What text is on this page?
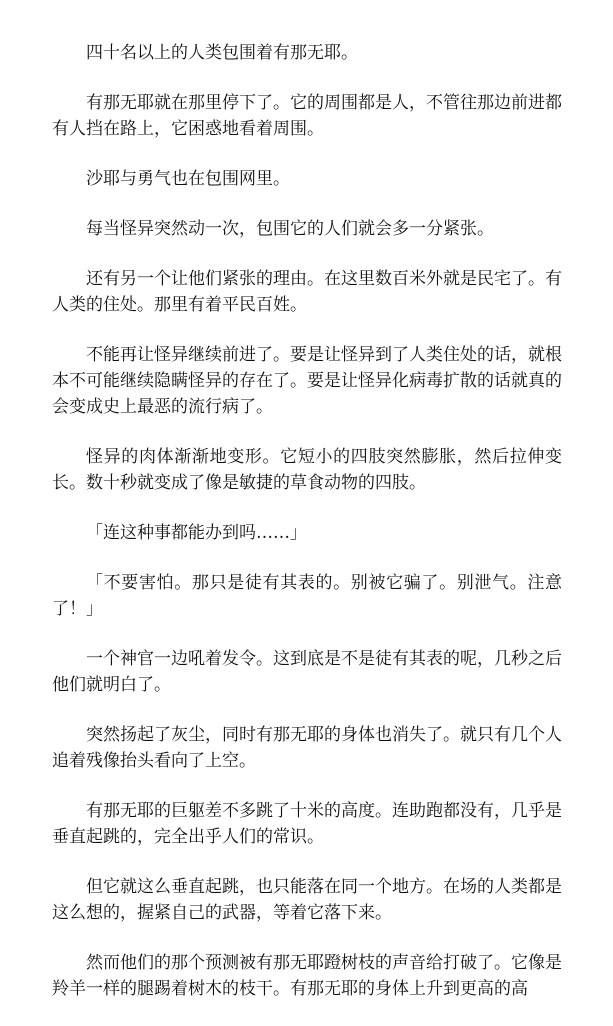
四十名以上的人类包围着有那无耶。

有那无耶就在那里停下了。它的周围都是人，不管往那边前进都有人挡在路上，它困惑地看着周围。

沙耶与勇气也在包围网里。

每当怪异突然动一次，包围它的人们就会多一分紧张。

还有另一个让他们紧张的理由。在这里数百米外就是民宅了。有人类的住处。那里有着平民百姓。

不能再让怪异继续前进了。要是让怪异到了人类住处的话，就根本不可能继续隐瞒怪异的存在了。要是让怪异化病毒扩散的话就真的会变成史上最恶的流行病了。

怪异的肉体渐渐地变形。它短小的四肢突然膨胀，然后拉伸变长。数十秒就变成了像是敏捷的草食动物的四肢。

「连这种事都能办到吗……」

「不要害怕。那只是徒有其表的。别被它骗了。别泄气。注意了！」

一个神官一边吼着发令。这到底是不是徒有其表的呢，几秒之后他们就明白了。

突然扬起了灰尘，同时有那无耶的身体也消失了。就只有几个人追着残像抬头看向了上空。

有那无耶的巨躯差不多跳了十米的高度。连助跑都没有，几乎是垂直起跳的，完全出乎人们的常识。

但它就这么垂直起跳，也只能落在同一个地方。在场的人类都是这么想的，握紧自己的武器，等着它落下来。

然而他们的那个预测被有那无耶蹬树枝的声音给打破了。它像是羚羊一样的腿踢着树木的枝干。有那无耶的身体上升到更高的高
